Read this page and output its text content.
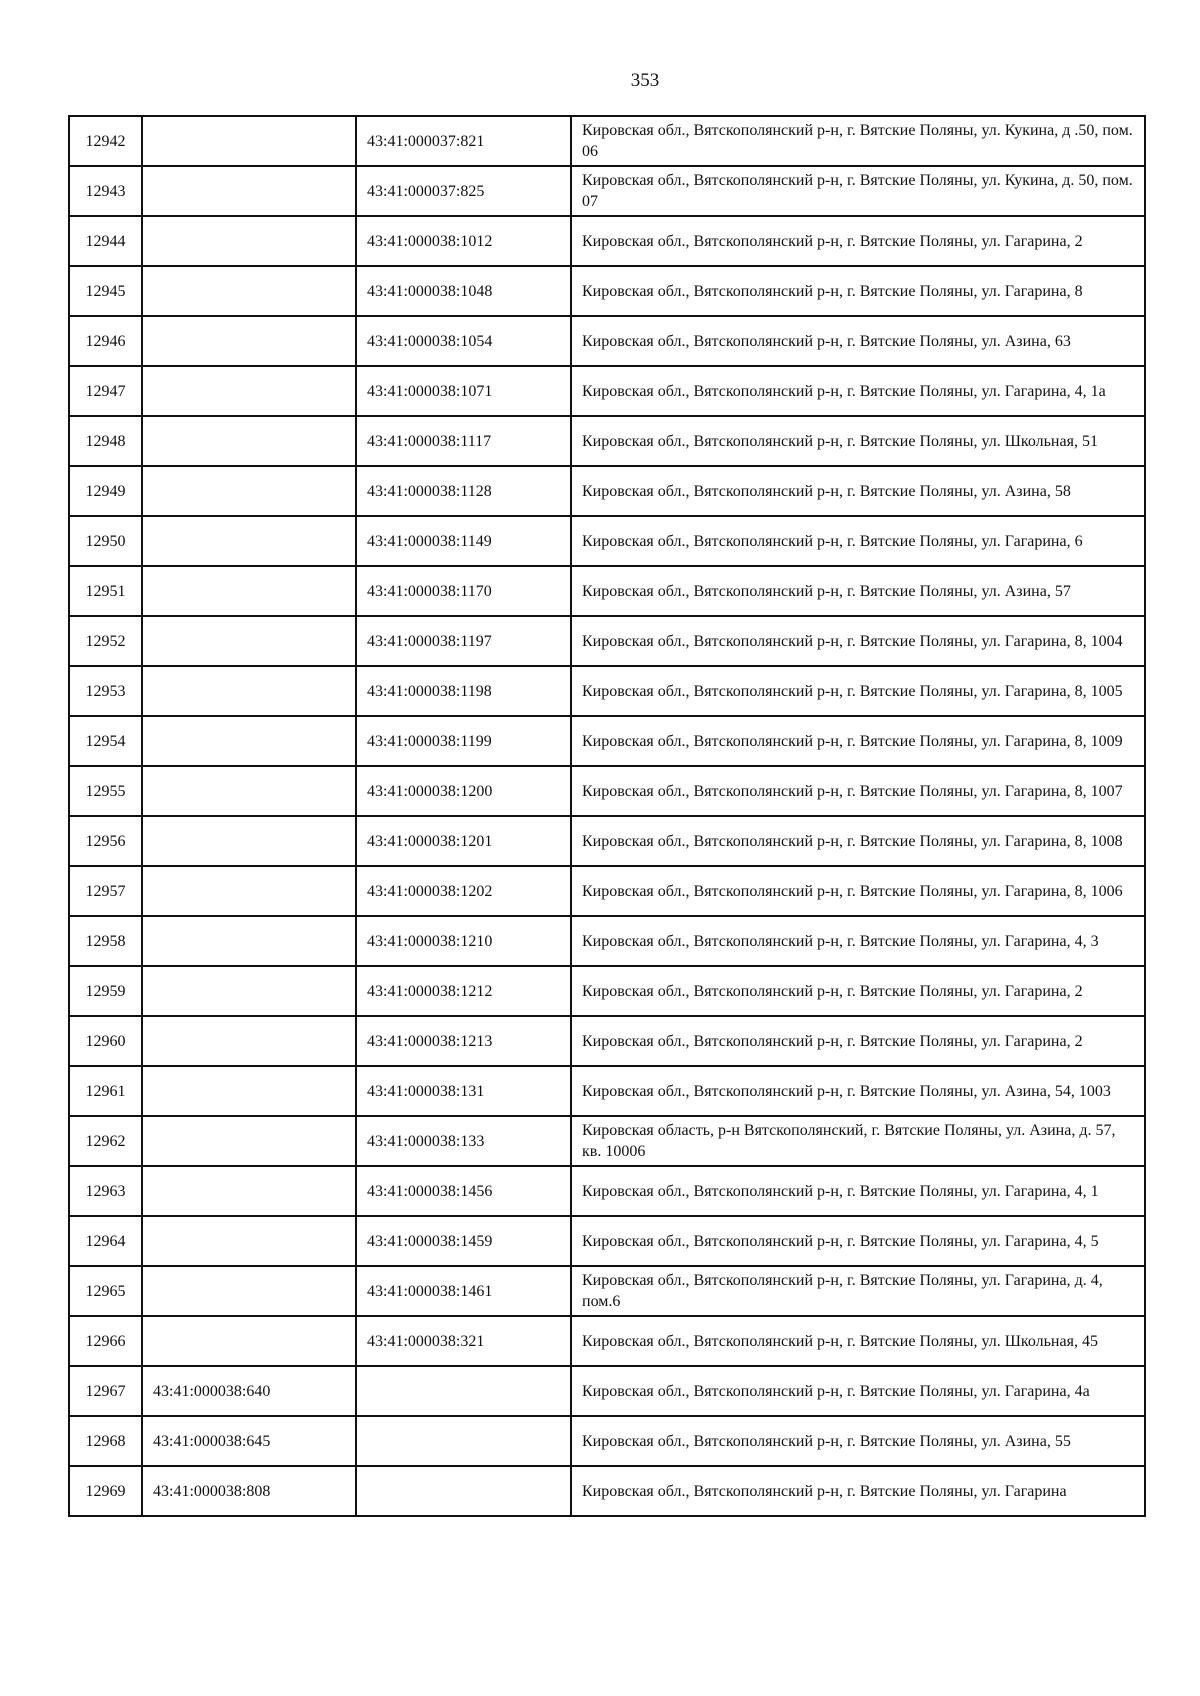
353
12942		43:41:000037:821	Кировская обл., Вятскополянский р-н, г. Вятские Поляны, ул. Кукина, д .50, пом. 06
12943		43:41:000037:825	Кировская обл., Вятскополянский р-н, г. Вятские Поляны, ул. Кукина, д. 50, пом. 07
12944		43:41:000038:1012	Кировская обл., Вятскополянский р-н, г. Вятские Поляны, ул. Гагарина, 2
12945		43:41:000038:1048	Кировская обл., Вятскополянский р-н, г. Вятские Поляны, ул. Гагарина, 8
12946		43:41:000038:1054	Кировская обл., Вятскополянский р-н, г. Вятские Поляны, ул. Азина, 63
12947		43:41:000038:1071	Кировская обл., Вятскополянский р-н, г. Вятские Поляны, ул. Гагарина, 4, 1а
12948		43:41:000038:1117	Кировская обл., Вятскополянский р-н, г. Вятские Поляны, ул. Школьная, 51
12949		43:41:000038:1128	Кировская обл., Вятскополянский р-н, г. Вятские Поляны, ул. Азина, 58
12950		43:41:000038:1149	Кировская обл., Вятскополянский р-н, г. Вятские Поляны, ул. Гагарина, 6
12951		43:41:000038:1170	Кировская обл., Вятскополянский р-н, г. Вятские Поляны, ул. Азина, 57
12952		43:41:000038:1197	Кировская обл., Вятскополянский р-н, г. Вятские Поляны, ул. Гагарина, 8, 1004
12953		43:41:000038:1198	Кировская обл., Вятскополянский р-н, г. Вятские Поляны, ул. Гагарина, 8, 1005
12954		43:41:000038:1199	Кировская обл., Вятскополянский р-н, г. Вятские Поляны, ул. Гагарина, 8, 1009
12955		43:41:000038:1200	Кировская обл., Вятскополянский р-н, г. Вятские Поляны, ул. Гагарина, 8, 1007
12956		43:41:000038:1201	Кировская обл., Вятскополянский р-н, г. Вятские Поляны, ул. Гагарина, 8, 1008
12957		43:41:000038:1202	Кировская обл., Вятскополянский р-н, г. Вятские Поляны, ул. Гагарина, 8, 1006
12958		43:41:000038:1210	Кировская обл., Вятскополянский р-н, г. Вятские Поляны, ул. Гагарина, 4, 3
12959		43:41:000038:1212	Кировская обл., Вятскополянский р-н, г. Вятские Поляны, ул. Гагарина, 2
12960		43:41:000038:1213	Кировская обл., Вятскополянский р-н, г. Вятские Поляны, ул. Гагарина, 2
12961		43:41:000038:131	Кировская обл., Вятскополянский р-н, г. Вятские Поляны, ул. Азина, 54, 1003
12962		43:41:000038:133	Кировская область, р-н Вятскополянский, г. Вятские Поляны, ул. Азина, д. 57, кв. 10006
12963		43:41:000038:1456	Кировская обл., Вятскополянский р-н, г. Вятские Поляны, ул. Гагарина, 4, 1
12964		43:41:000038:1459	Кировская обл., Вятскополянский р-н, г. Вятские Поляны, ул. Гагарина, 4, 5
12965		43:41:000038:1461	Кировская обл., Вятскополянский р-н, г. Вятские Поляны, ул. Гагарина, д. 4, пом.6
12966		43:41:000038:321	Кировская обл., Вятскополянский р-н, г. Вятские Поляны, ул. Школьная, 45
12967	43:41:000038:640		Кировская обл., Вятскополянский р-н, г. Вятские Поляны, ул. Гагарина, 4а
12968	43:41:000038:645		Кировская обл., Вятскополянский р-н, г. Вятские Поляны, ул. Азина, 55
12969	43:41:000038:808		Кировская обл., Вятскополянский р-н, г. Вятские Поляны, ул. Гагарина
